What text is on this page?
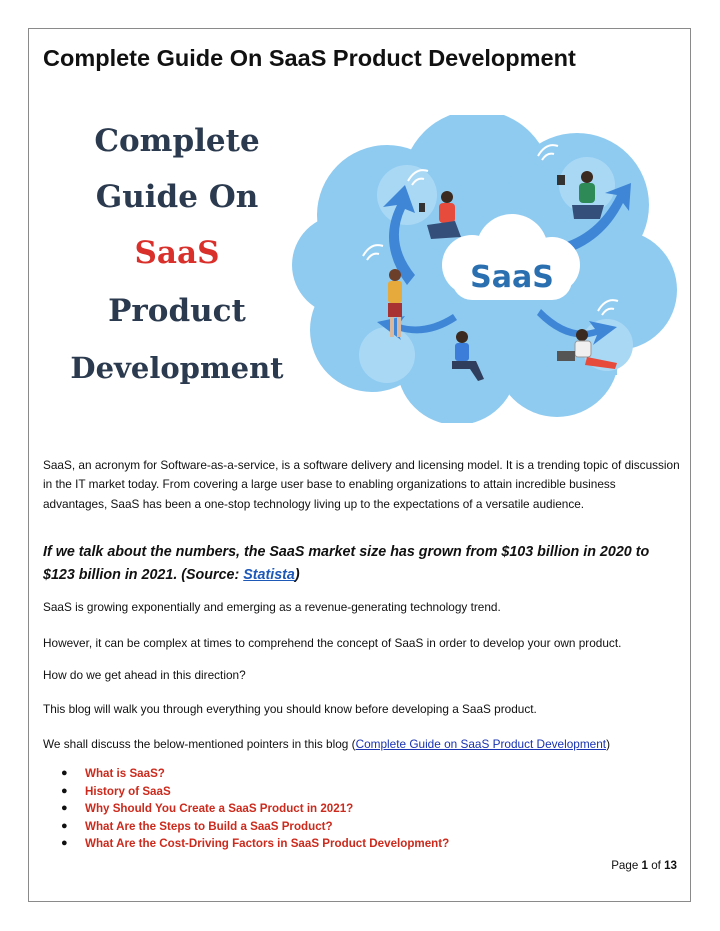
Complete Guide On SaaS Product Development
Complete
Guide On
SaaS
Product
Development
SaaS

SaaS, an acronym for Software-as-a-service, is a software delivery and licensing model. It is a trending topic of discussion in the IT market today. From covering a large user base to enabling organizations to attain incredible business advantages, SaaS has been a one-stop technology living up to the expectations of a versatile audience.

If we talk about the numbers, the SaaS market size has grown from $103 billion in 2020 to $123 billion in 2021. (Source: Statista)

SaaS is growing exponentially and emerging as a revenue-generating technology trend.

However, it can be complex at times to comprehend the concept of SaaS in order to develop your own product.

How do we get ahead in this direction?

This blog will walk you through everything you should know before developing a SaaS product.

We shall discuss the below-mentioned pointers in this blog (Complete Guide on SaaS Product Development)

● What is SaaS?
● History of SaaS
● Why Should You Create a SaaS Product in 2021?
● What Are the Steps to Build a SaaS Product?
● What Are the Cost-Driving Factors in SaaS Product Development?
Page 1 of 13
